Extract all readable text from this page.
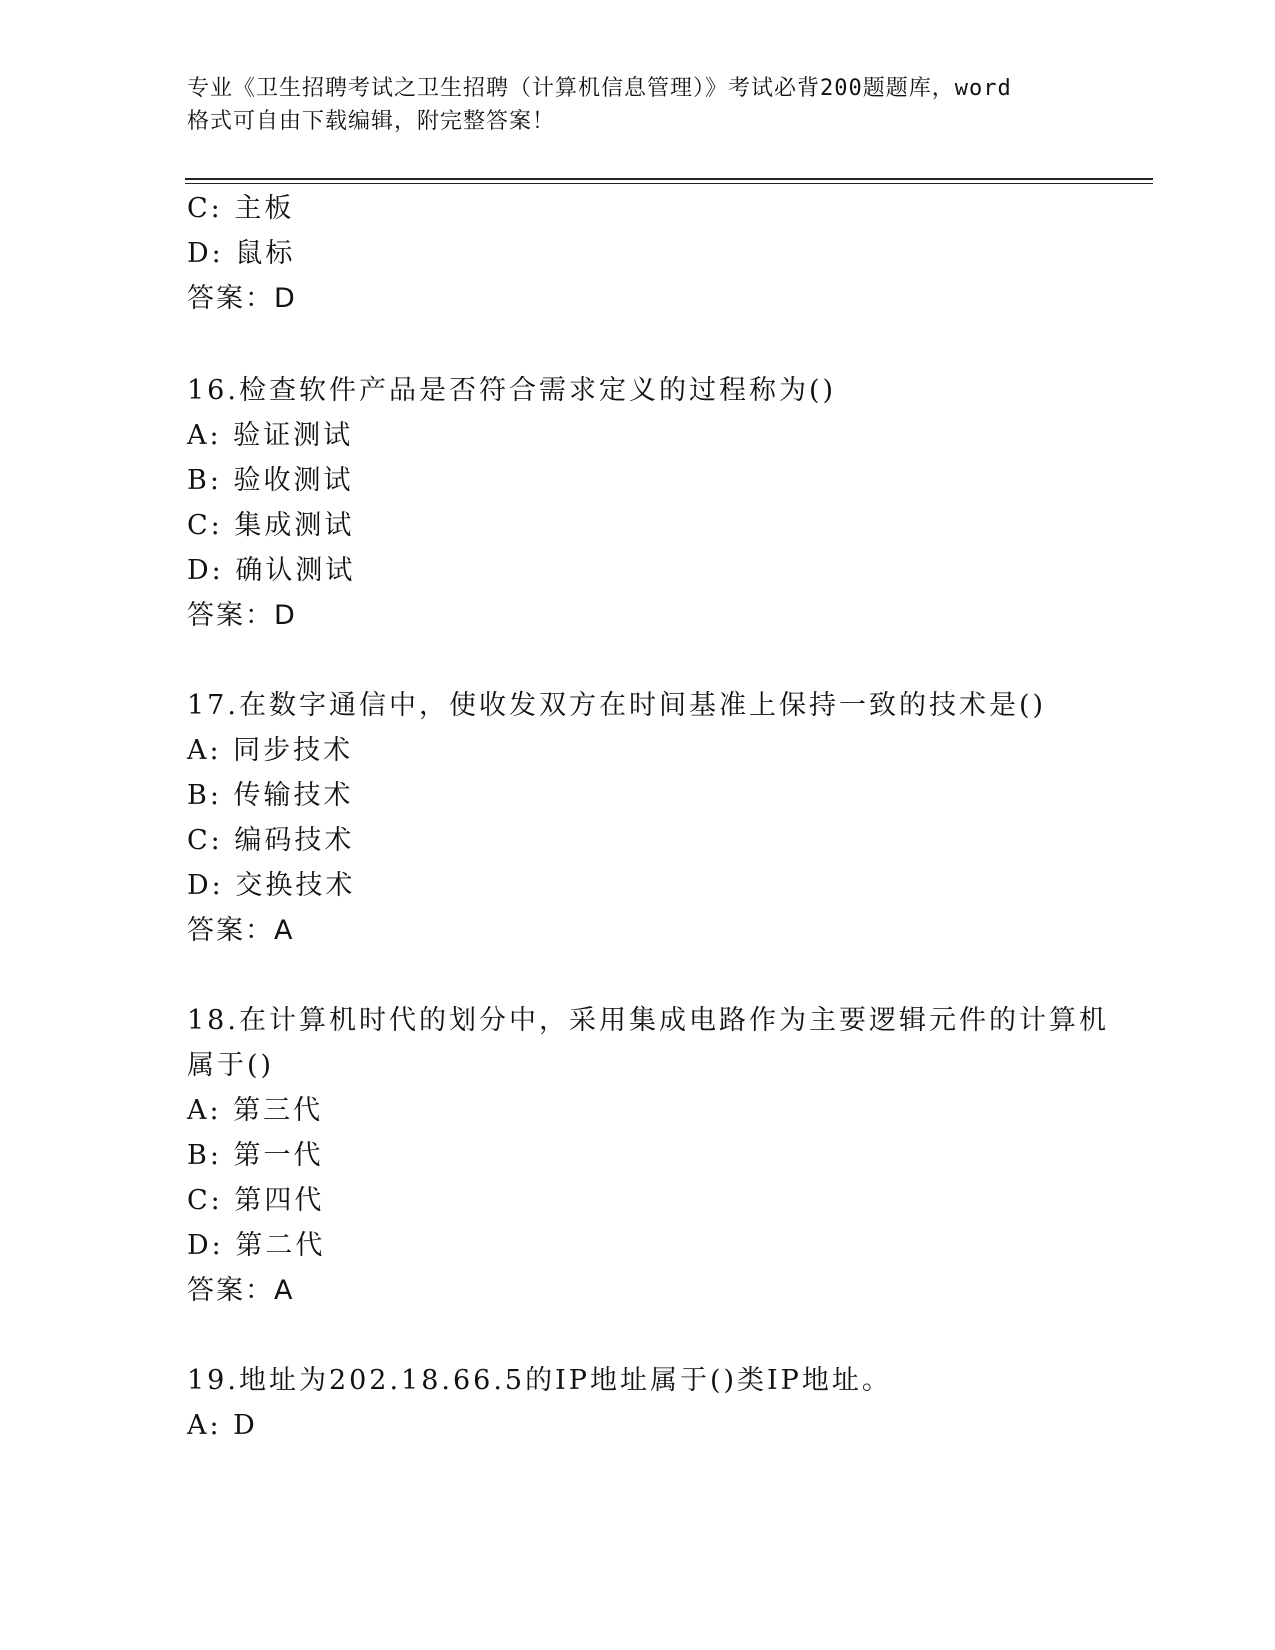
专业《卫生招聘考试之卫生招聘（计算机信息管理）》考试必背200题题库，word
格式可自由下载编辑，附完整答案！
C: 主板
D: 鼠标
答案：D
16.检查软件产品是否符合需求定义的过程称为()
A: 验证测试
B: 验收测试
C: 集成测试
D: 确认测试
答案：D
17.在数字通信中，使收发双方在时间基准上保持一致的技术是()
A: 同步技术
B: 传输技术
C: 编码技术
D: 交换技术
答案：A
18.在计算机时代的划分中，采用集成电路作为主要逻辑元件的计算机
属于()
A: 第三代
B: 第一代
C: 第四代
D: 第二代
答案：A
19.地址为202.18.66.5的IP地址属于()类IP地址。
A: D
